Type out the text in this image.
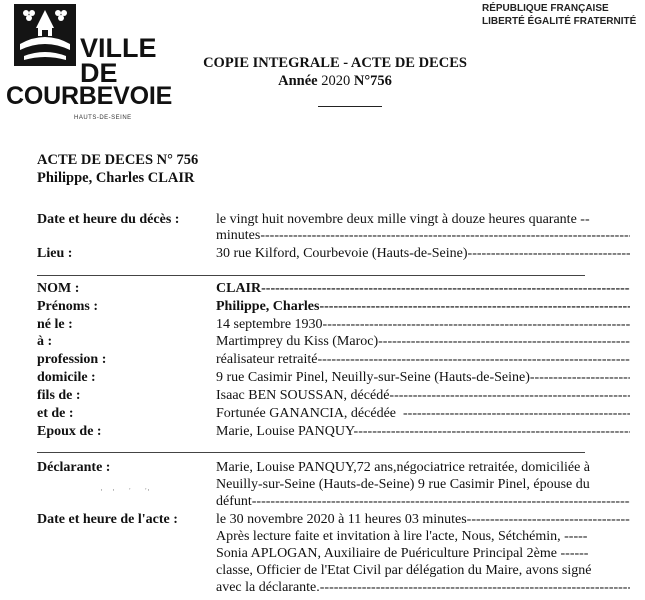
RÉPUBLIQUE FRANÇAISE
LIBERTÉ ÉGALITÉ FRATERNITÉ
VILLE
DE
COURBEVOIE
HAUTS-DE-SEINE
COPIE INTEGRALE - ACTE DE DECES
Année 2020 N°756
ACTE DE DECES N° 756
Philippe, Charles CLAIR
Date et heure du décès :	le vingt huit novembre deux mille vingt à douze heures quarante --
minutes -----
Lieu :	30 rue Kilford, Courbevoie (Hauts-de-Seine) -----
NOM :	CLAIR -----
Prénoms :	Philippe, Charles -----
né le :	14 septembre 1930 -----
à :	Martimprey du Kiss (Maroc) -----
profession :	réalisateur retraité -----
domicile :	9 rue Casimir Pinel, Neuilly-sur-Seine (Hauts-de-Seine) -----
fils de :	Isaac BEN SOUSSAN, décédé -----
et de :	Fortunée GANANCIA, décédée   -----
Epoux de :	Marie, Louise PANQUY -----
Déclarante :	Marie, Louise PANQUY,72 ans,négociatrice retraitée, domiciliée à
Neuilly-sur-Seine (Hauts-de-Seine) 9 rue Casimir Pinel, épouse du
défunt -----
·    ·      ˑ      ˑ·
Date et heure de l'acte :	le 30 novembre 2020 à 11 heures 03 minutes -----
Après lecture faite et invitation à lire l'acte, Nous, Sétchémin, -----
Sonia APLOGAN, Auxiliaire de Puériculture Principal 2ème ------
classe, Officier de l'Etat Civil par délégation du Maire, avons signé
avec la déclarante. -----
